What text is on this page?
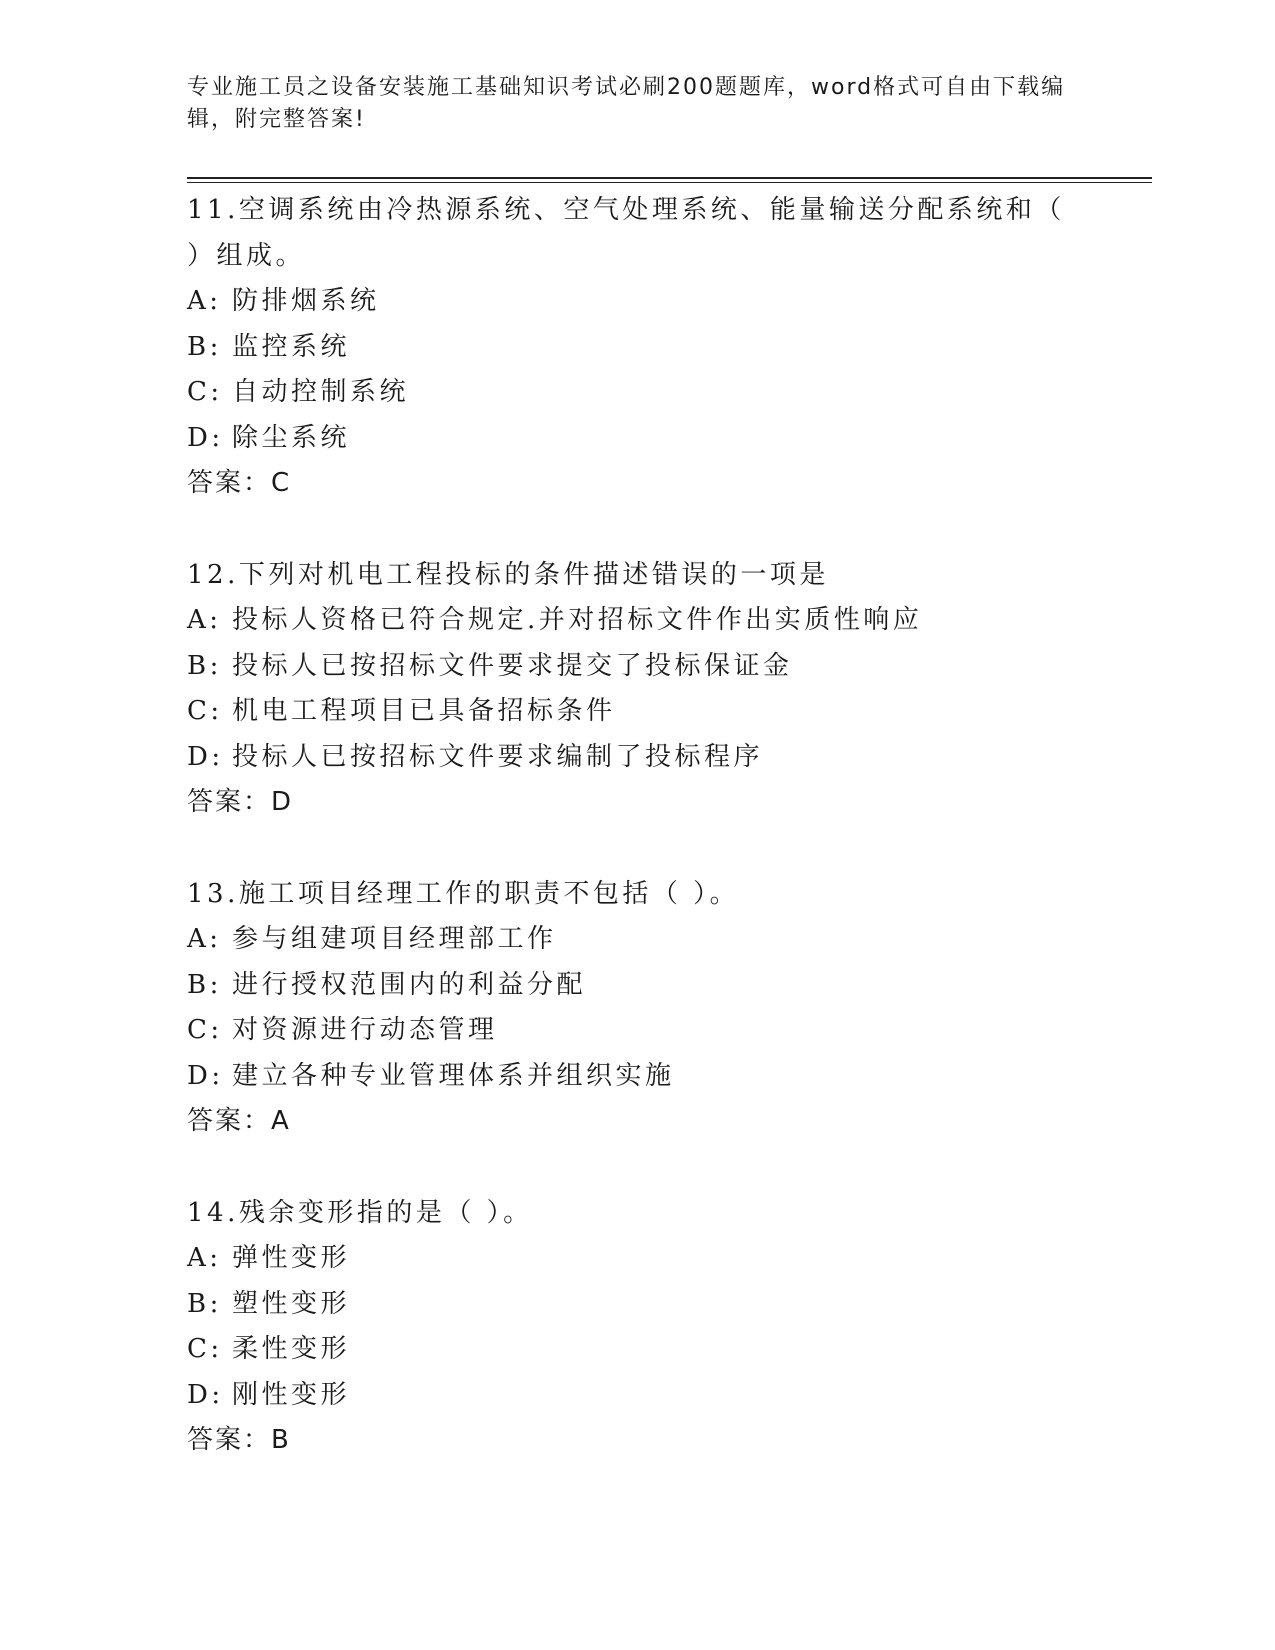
专业施工员之设备安装施工基础知识考试必刷200题题库，word格式可自由下载编辑，附完整答案!
11.空调系统由冷热源系统、空气处理系统、能量输送分配系统和（ ）组成。
A: 防排烟系统
B: 监控系统
C: 自动控制系统
D: 除尘系统
答案：C
12.下列对机电工程投标的条件描述错误的一项是
A: 投标人资格已符合规定.并对招标文件作出实质性响应
B: 投标人已按招标文件要求提交了投标保证金
C: 机电工程项目已具备招标条件
D: 投标人已按招标文件要求编制了投标程序
答案：D
13.施工项目经理工作的职责不包括（ ）。
A: 参与组建项目经理部工作
B: 进行授权范围内的利益分配
C: 对资源进行动态管理
D: 建立各种专业管理体系并组织实施
答案：A
14.残余变形指的是（ ）。
A: 弹性变形
B: 塑性变形
C: 柔性变形
D: 刚性变形
答案：B
